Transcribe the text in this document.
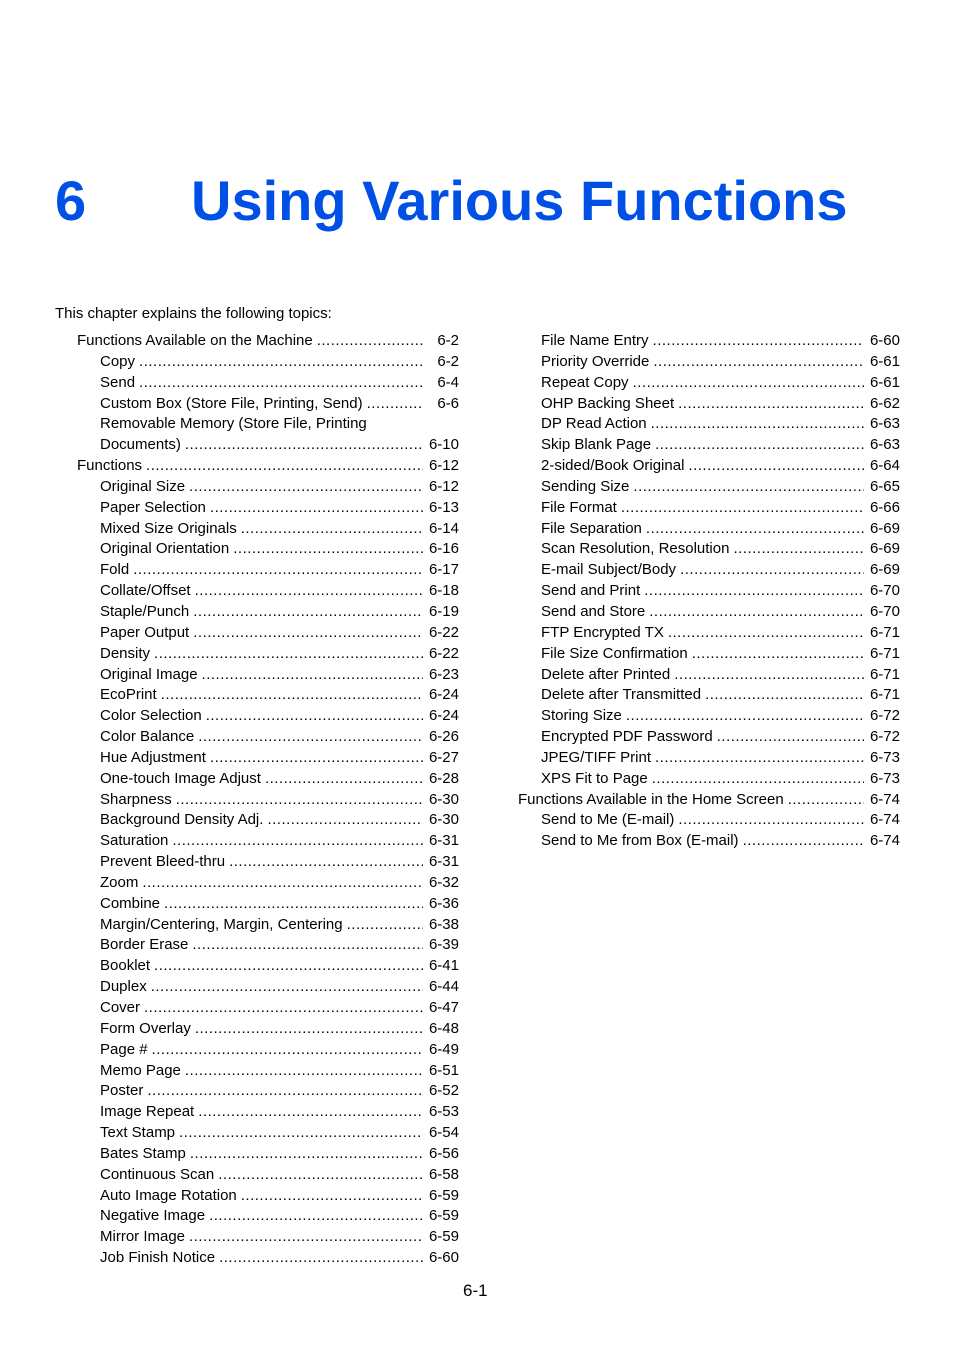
6 Using Various Functions
This chapter explains the following topics:
Functions Available on the Machine .....	6-2
Copy .....	6-2
Send .....	6-4
Custom Box (Store File, Printing, Send) .....	6-6
Removable Memory (Store File, Printing
Documents) .....	6-10
Functions .....	6-12
Original Size .....	6-12
Paper Selection .....	6-13
Mixed Size Originals .....	6-14
Original Orientation .....	6-16
Fold .....	6-17
Collate/Offset .....	6-18
Staple/Punch .....	6-19
Paper Output .....	6-22
Density .....	6-22
Original Image .....	6-23
EcoPrint .....	6-24
Color Selection .....	6-24
Color Balance .....	6-26
Hue Adjustment .....	6-27
One-touch Image Adjust .....	6-28
Sharpness .....	6-30
Background Density Adj. .....	6-30
Saturation .....	6-31
Prevent Bleed-thru .....	6-31
Zoom .....	6-32
Combine .....	6-36
Margin/Centering, Margin, Centering .....	6-38
Border Erase .....	6-39
Booklet .....	6-41
Duplex .....	6-44
Cover .....	6-47
Form Overlay .....	6-48
Page # .....	6-49
Memo Page .....	6-51
Poster .....	6-52
Image Repeat .....	6-53
Text Stamp .....	6-54
Bates Stamp .....	6-56
Continuous Scan .....	6-58
Auto Image Rotation .....	6-59
Negative Image .....	6-59
Mirror Image .....	6-59
Job Finish Notice .....	6-60
File Name Entry .....	6-60
Priority Override .....	6-61
Repeat Copy .....	6-61
OHP Backing Sheet .....	6-62
DP Read Action .....	6-63
Skip Blank Page .....	6-63
2-sided/Book Original .....	6-64
Sending Size .....	6-65
File Format .....	6-66
File Separation .....	6-69
Scan Resolution, Resolution .....	6-69
E-mail Subject/Body .....	6-69
Send and Print .....	6-70
Send and Store .....	6-70
FTP Encrypted TX .....	6-71
File Size Confirmation .....	6-71
Delete after Printed .....	6-71
Delete after Transmitted .....	6-71
Storing Size .....	6-72
Encrypted PDF Password .....	6-72
JPEG/TIFF Print .....	6-73
XPS Fit to Page .....	6-73
Functions Available in the Home Screen .....	6-74
Send to Me (E-mail) .....	6-74
Send to Me from Box (E-mail) .....	6-74
6-1
